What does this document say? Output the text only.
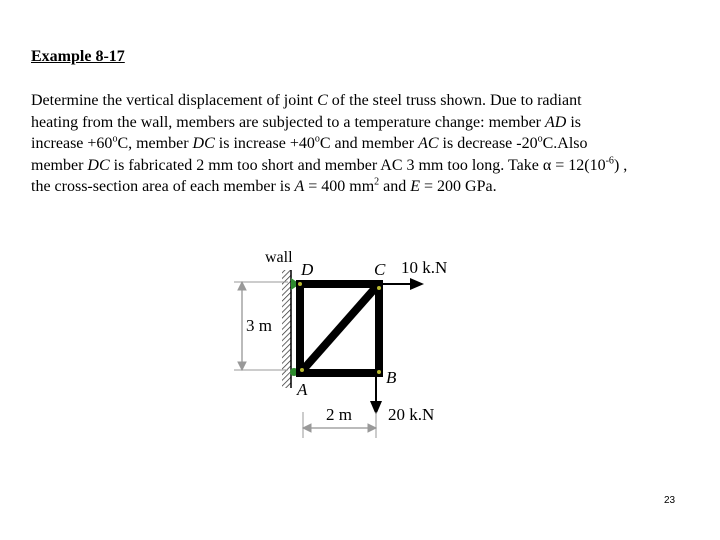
Example 8-17

Determine the vertical displacement of joint C of the steel truss shown. Due to radiant heating from the wall, members are subjected to a temperature change: member AD is increase $+60^oC$, member DC is increase $+40^oC$ and member AC is decrease -20$^o$C.Also member DC is fabricated 2 mm too short and member AC 3 mm too long. Take $\alpha = 12(10^{-6})$ , the cross-section area of each member is A = 400 $mm^2$ and E = 200 GPa.

wall
D	C
A
B
10 k.N
20 k.N
3 m
2 m
23
